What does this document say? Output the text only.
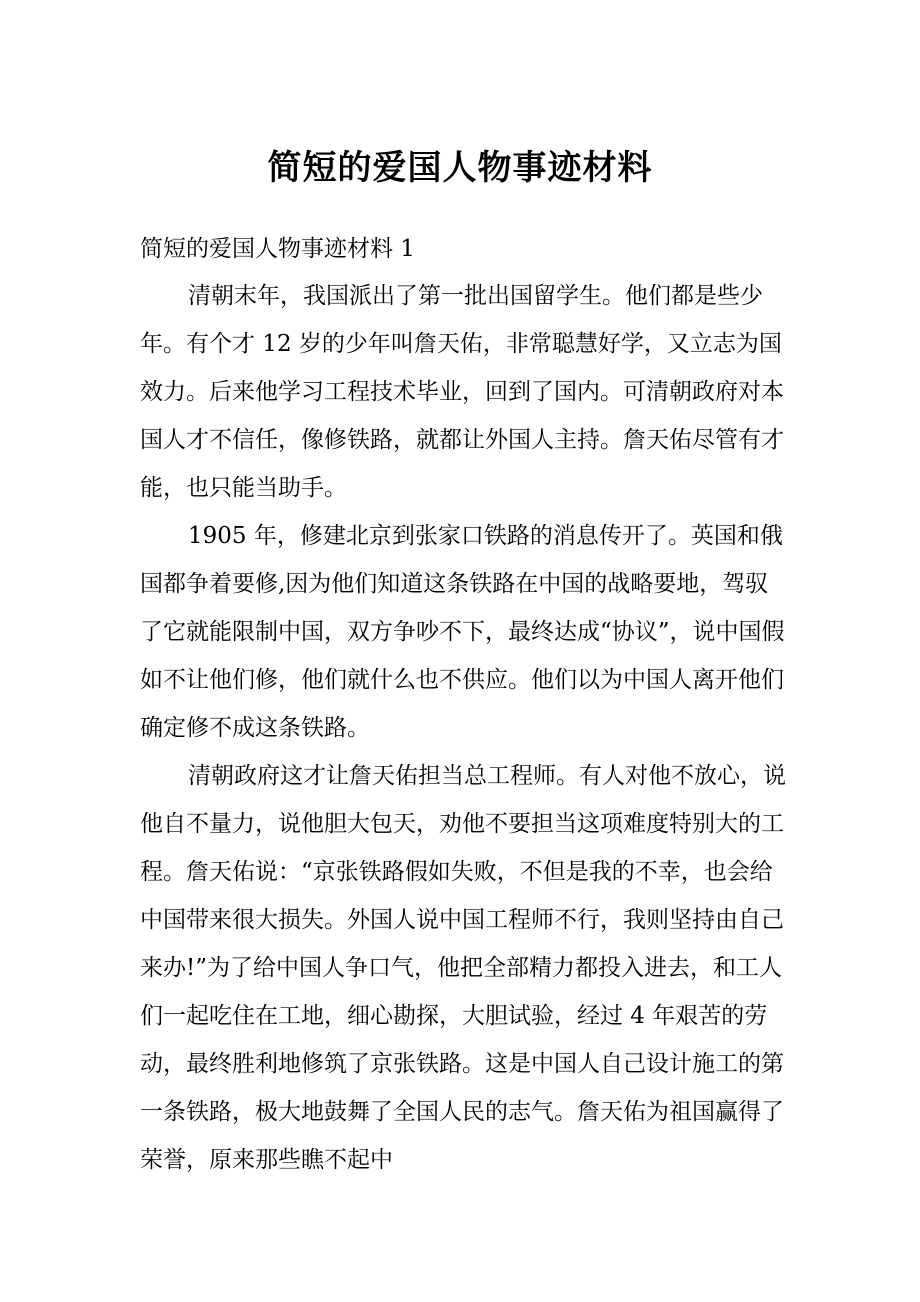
简短的爱国人物事迹材料
简短的爱国人物事迹材料 1

清朝末年，我国派出了第一批出国留学生。他们都是些少年。有个才 12 岁的少年叫詹天佑，非常聪慧好学，又立志为国效力。后来他学习工程技术毕业，回到了国内。可清朝政府对本国人才不信任，像修铁路，就都让外国人主持。詹天佑尽管有才能，也只能当助手。

1905 年，修建北京到张家口铁路的消息传开了。英国和俄国都争着要修,因为他们知道这条铁路在中国的战略要地，驾驭了它就能限制中国，双方争吵不下，最终达成“协议”，说中国假如不让他们修，他们就什么也不供应。他们以为中国人离开他们确定修不成这条铁路。

清朝政府这才让詹天佑担当总工程师。有人对他不放心，说他自不量力，说他胆大包天，劝他不要担当这项难度特别大的工程。詹天佑说：“京张铁路假如失败，不但是我的不幸，也会给中国带来很大损失。外国人说中国工程师不行，我则坚持由自己来办!”为了给中国人争口气，他把全部精力都投入进去，和工人们一起吃住在工地，细心勘探，大胆试验，经过 4 年艰苦的劳动，最终胜利地修筑了京张铁路。这是中国人自己设计施工的第一条铁路，极大地鼓舞了全国人民的志气。詹天佑为祖国赢得了荣誉，原来那些瞧不起中
